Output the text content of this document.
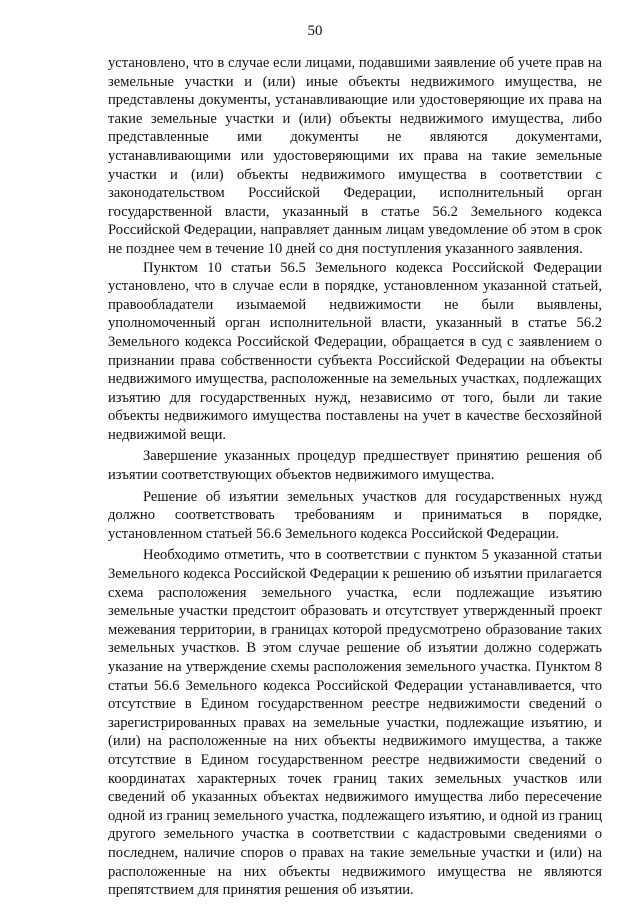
50

установлено, что в случае если лицами, подавшими заявление об учете прав на земельные участки и (или) иные объекты недвижимого имущества, не представлены документы, устанавливающие или удостоверяющие их права на такие земельные участки и (или) объекты недвижимого имущества, либо представленные ими документы не являются документами, устанавливающими или удостоверяющими их права на такие земельные участки и (или) объекты недвижимого имущества в соответствии с законодательством Российской Федерации, исполнительный орган государственной власти, указанный в статье 56.2 Земельного кодекса Российской Федерации, направляет данным лицам уведомление об этом в срок не позднее чем в течение 10 дней со дня поступления указанного заявления.

Пунктом 10 статьи 56.5 Земельного кодекса Российской Федерации установлено, что в случае если в порядке, установленном указанной статьей, правообладатели изымаемой недвижимости не были выявлены, уполномоченный орган исполнительной власти, указанный в статье 56.2 Земельного кодекса Российской Федерации, обращается в суд с заявлением о признании права собственности субъекта Российской Федерации на объекты недвижимого имущества, расположенные на земельных участках, подлежащих изъятию для государственных нужд, независимо от того, были ли такие объекты недвижимого имущества поставлены на учет в качестве бесхозяйной недвижимой вещи.

Завершение указанных процедур предшествует принятию решения об изъятии соответствующих объектов недвижимого имущества.

Решение об изъятии земельных участков для государственных нужд должно соответствовать требованиям и приниматься в порядке, установленном статьей 56.6 Земельного кодекса Российской Федерации.

Необходимо отметить, что в соответствии с пунктом 5 указанной статьи Земельного кодекса Российской Федерации к решению об изъятии прилагается схема расположения земельного участка, если подлежащие изъятию земельные участки предстоит образовать и отсутствует утвержденный проект межевания территории, в границах которой предусмотрено образование таких земельных участков. В этом случае решение об изъятии должно содержать указание на утверждение схемы расположения земельного участка. Пунктом 8 статьи 56.6 Земельного кодекса Российской Федерации устанавливается, что отсутствие в Едином государственном реестре недвижимости сведений о зарегистрированных правах на земельные участки, подлежащие изъятию, и (или) на расположенные на них объекты недвижимого имущества, а также отсутствие в Едином государственном реестре недвижимости сведений о координатах характерных точек границ таких земельных участков или сведений об указанных объектах недвижимого имущества либо пересечение одной из границ земельного участка, подлежащего изъятию, и одной из границ другого земельного участка в соответствии с кадастровыми сведениями о последнем, наличие споров о правах на такие земельные участки и (или) на расположенные на них объекты недвижимого имущества не являются препятствием для принятия решения об изъятии.
